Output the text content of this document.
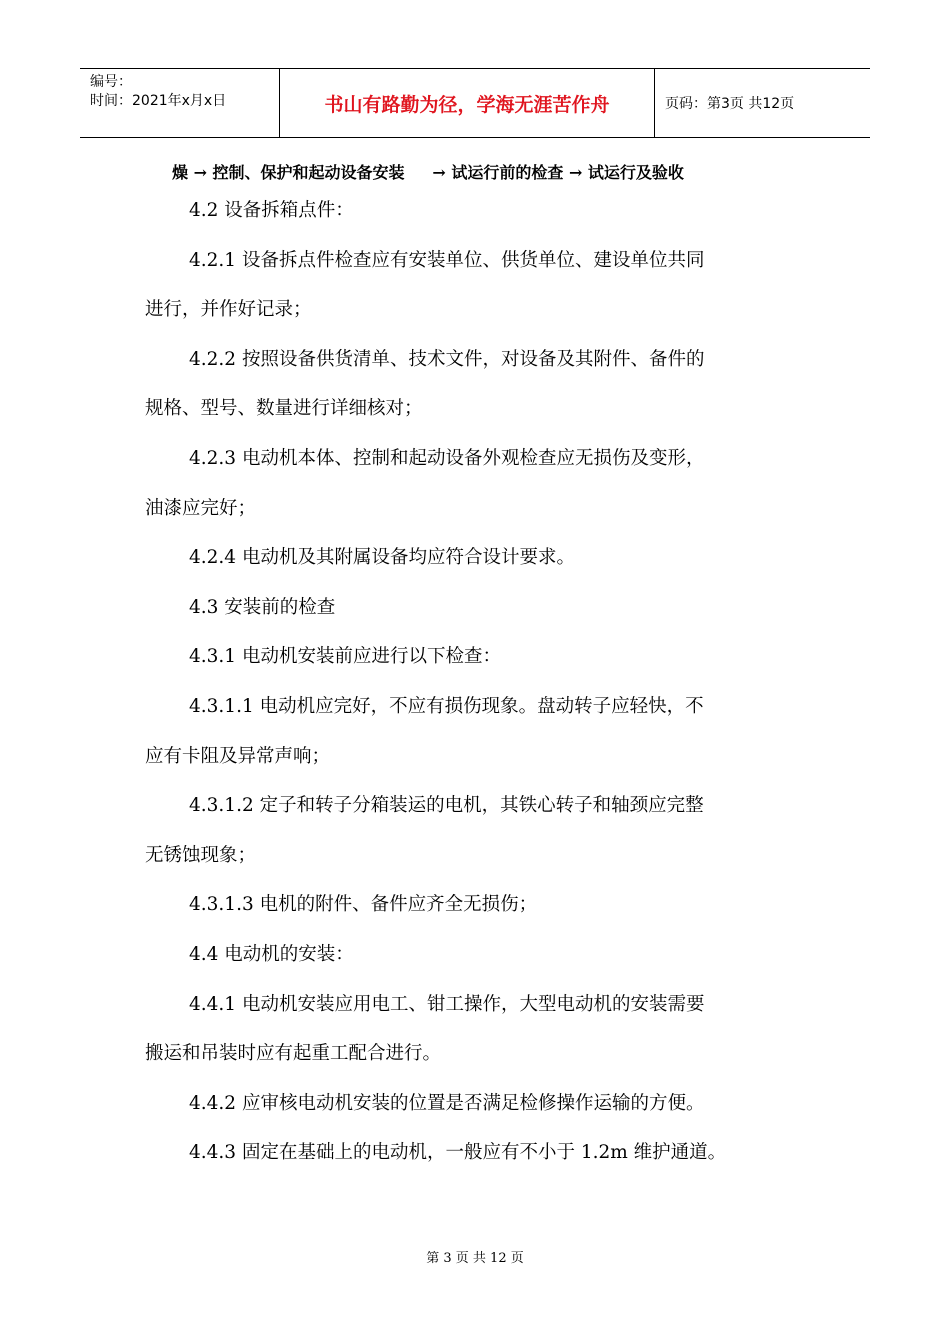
编号：
时间：2021年x月x日	书山有路勤为径，学海无涯苦作舟	页码：第3页 共12页
燥 → 控制、保护和起动设备安装     → 试运行前的检查 → 试运行及验收
4.2 设备拆箱点件：
4.2.1 设备拆点件检查应有安装单位、供货单位、建设单位共同
进行，并作好记录；
4.2.2 按照设备供货清单、技术文件，对设备及其附件、备件的
规格、型号、数量进行详细核对；
4.2.3 电动机本体、控制和起动设备外观检查应无损伤及变形，
油漆应完好；
4.2.4 电动机及其附属设备均应符合设计要求。
4.3 安装前的检查
4.3.1 电动机安装前应进行以下检查：
4.3.1.1 电动机应完好，不应有损伤现象。盘动转子应轻快，不
应有卡阻及异常声响；
4.3.1.2 定子和转子分箱装运的电机，其铁心转子和轴颈应完整
无锈蚀现象；
4.3.1.3 电机的附件、备件应齐全无损伤；
4.4 电动机的安装：
4.4.1 电动机安装应用电工、钳工操作，大型电动机的安装需要
搬运和吊装时应有起重工配合进行。
4.4.2 应审核电动机安装的位置是否满足检修操作运输的方便。
4.4.3 固定在基础上的电动机，一般应有不小于 1.2m 维护通道。
第 3 页 共 12 页
